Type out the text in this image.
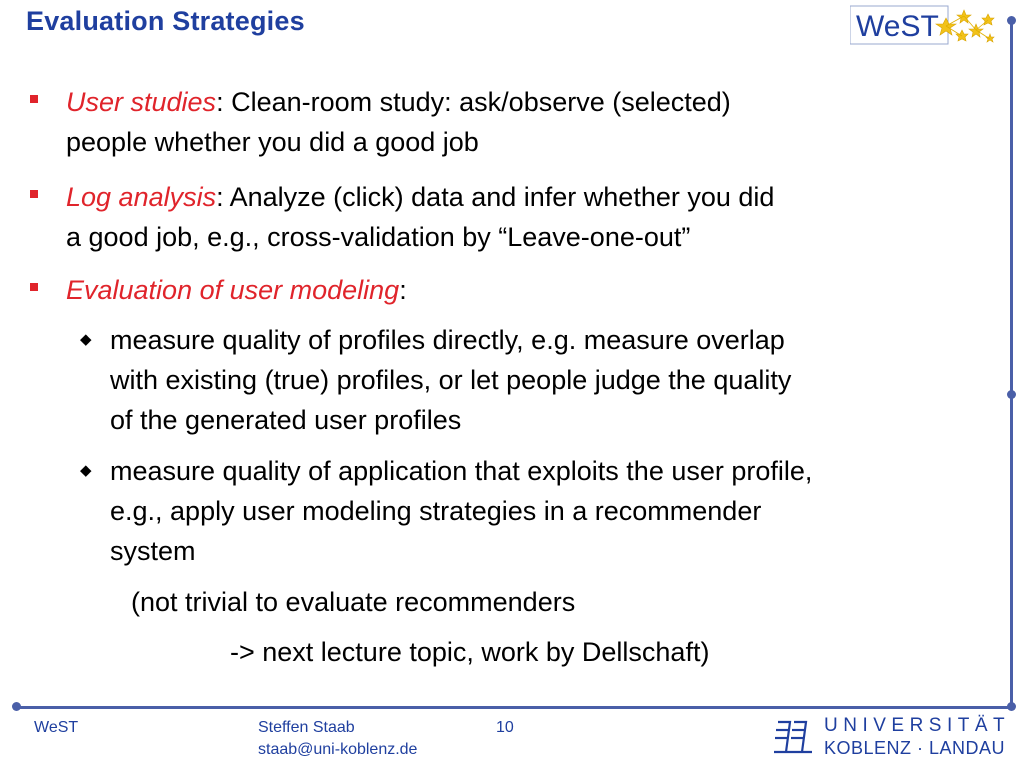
Evaluation Strategies	WeST
User studies: Clean-room study: ask/observe (selected)
people whether you did a good job
Log analysis: Analyze (click) data and infer whether you did
a good job, e.g., cross-validation by “Leave-one-out”
Evaluation of user modeling:
◆ measure quality of profiles directly, e.g. measure overlap
with existing (true) profiles, or let people judge the quality
of the generated user profiles
◆ measure quality of application that exploits the user profile,
e.g., apply user modeling strategies in a recommender
system
(not trivial to evaluate recommenders
-> next lecture topic, work by Dellschaft)
WeST	Steffen Staab
staab@uni-koblenz.de
10	UNIVERSITÄT
KOBLENZ · LANDAU
